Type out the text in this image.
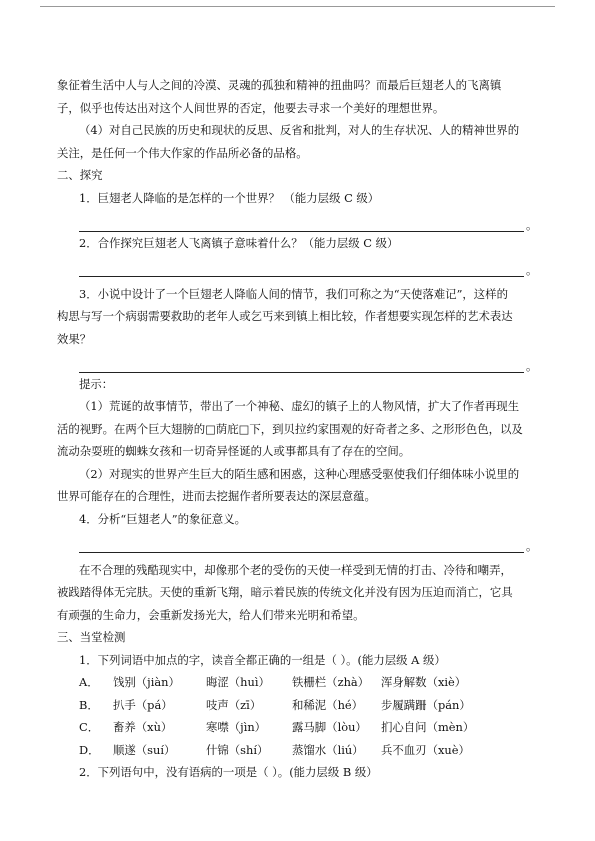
象征着生活中人与人之间的冷漠、灵魂的孤独和精神的扭曲吗？而最后巨翅老人的飞离镇
子，似乎也传达出对这个人间世界的否定，他要去寻求一个美好的理想世界。
（4）对自己民族的历史和现状的反思、反省和批判，对人的生存状况、人的精神世界的
关注，是任何一个伟大作家的作品所必备的品格。
二、探究
1．巨翅老人降临的是怎样的一个世界？ （能力层级 C 级）
。
2．合作探究巨翅老人飞离镇子意味着什么？（能力层级 C 级）
。
3．小说中设计了一个巨翅老人降临人间的情节，我们可称之为“天使落难记”，这样的
构思与写一个病弱需要救助的老年人或乞丐来到镇上相比较，作者想要实现怎样的艺术表达
效果？
。
提示：
（1）荒诞的故事情节，带出了一个神秘、虚幻的镇子上的人物风情，扩大了作者再现生
活的视野。在两个巨大翅膀的□荫庇□下，到贝拉约家围观的好奇者之多、之形形色色，以及
流动杂耍班的蜘蛛女孩和一切奇异怪诞的人或事都具有了存在的空间。
（2）对现实的世界产生巨大的陌生感和困惑，这种心理感受驱使我们仔细体味小说里的
世界可能存在的合理性，进而去挖掘作者所要表达的深层意蕴。
4．分析“巨翅老人”的象征意义。
。
在不合理的残酷现实中，却像那个老的受伤的天使一样受到无情的打击、冷待和嘲弄，
被践踏得体无完肤。天使的重新飞翔，暗示着民族的传统文化并没有因为压迫而消亡，它具
有顽强的生命力，会重新发扬光大，给人们带来光明和希望。
三、当堂检测
1．下列词语中加点的字，读音全都正确的一组是（ ）。(能力层级 A 级）
A．	饯别（jiàn）	晦涩（huì）	铁栅栏（zhà）	浑身解数（xiè）
B．	扒手（pá）	吱声（zī）	和稀泥（hé）	步履蹒跚（pán）
C．	畜养（xù）	寒噤（jìn）	露马脚（lòu）	扪心自问（mèn）
D．	顺遂（suí）	什锦（shí）	蒸馏水（liú）	兵不血刃（xuè）
2．下列语句中，没有语病的一项是（ ）。(能力层级 B 级）
